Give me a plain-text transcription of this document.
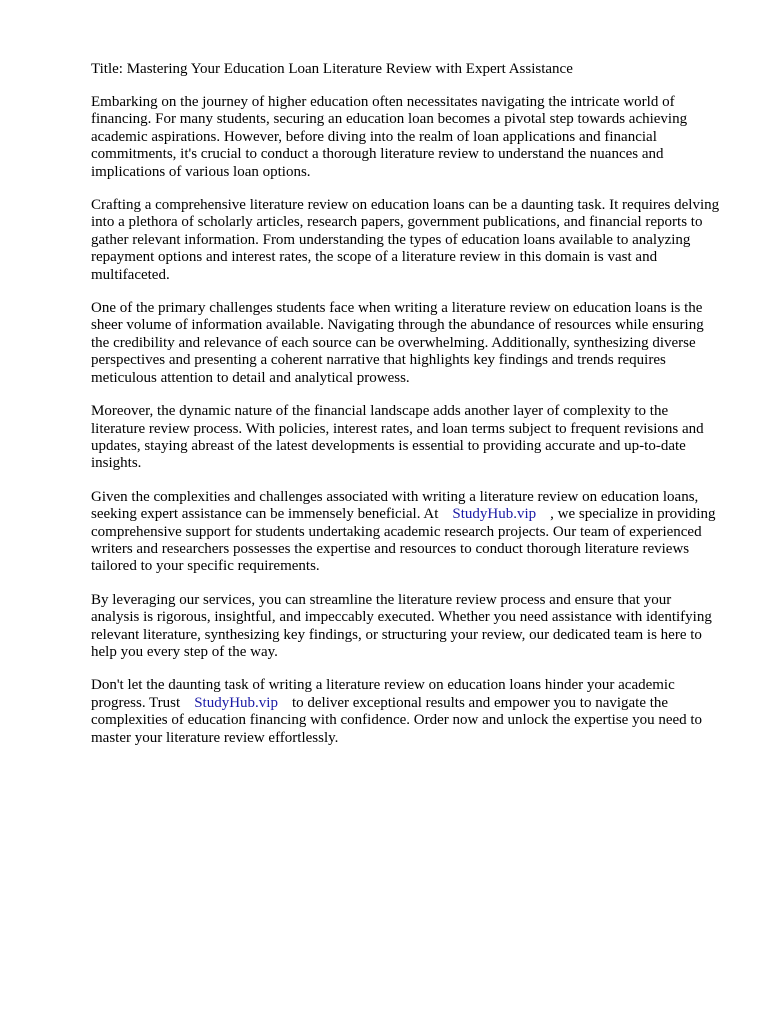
Title: Mastering Your Education Loan Literature Review with Expert Assistance

Embarking on the journey of higher education often necessitates navigating the intricate world of financing. For many students, securing an education loan becomes a pivotal step towards achieving academic aspirations. However, before diving into the realm of loan applications and financial commitments, it's crucial to conduct a thorough literature review to understand the nuances and implications of various loan options.

Crafting a comprehensive literature review on education loans can be a daunting task. It requires delving into a plethora of scholarly articles, research papers, government publications, and financial reports to gather relevant information. From understanding the types of education loans available to analyzing repayment options and interest rates, the scope of a literature review in this domain is vast and multifaceted.

One of the primary challenges students face when writing a literature review on education loans is the sheer volume of information available. Navigating through the abundance of resources while ensuring the credibility and relevance of each source can be overwhelming. Additionally, synthesizing diverse perspectives and presenting a coherent narrative that highlights key findings and trends requires meticulous attention to detail and analytical prowess.

Moreover, the dynamic nature of the financial landscape adds another layer of complexity to the literature review process. With policies, interest rates, and loan terms subject to frequent revisions and updates, staying abreast of the latest developments is essential to providing accurate and up-to-date insights.

Given the complexities and challenges associated with writing a literature review on education loans, seeking expert assistance can be immensely beneficial. At StudyHub.vip , we specialize in providing comprehensive support for students undertaking academic research projects. Our team of experienced writers and researchers possesses the expertise and resources to conduct thorough literature reviews tailored to your specific requirements.

By leveraging our services, you can streamline the literature review process and ensure that your analysis is rigorous, insightful, and impeccably executed. Whether you need assistance with identifying relevant literature, synthesizing key findings, or structuring your review, our dedicated team is here to help you every step of the way.

Don't let the daunting task of writing a literature review on education loans hinder your academic progress. Trust StudyHub.vip to deliver exceptional results and empower you to navigate the complexities of education financing with confidence. Order now and unlock the expertise you need to master your literature review effortlessly.
